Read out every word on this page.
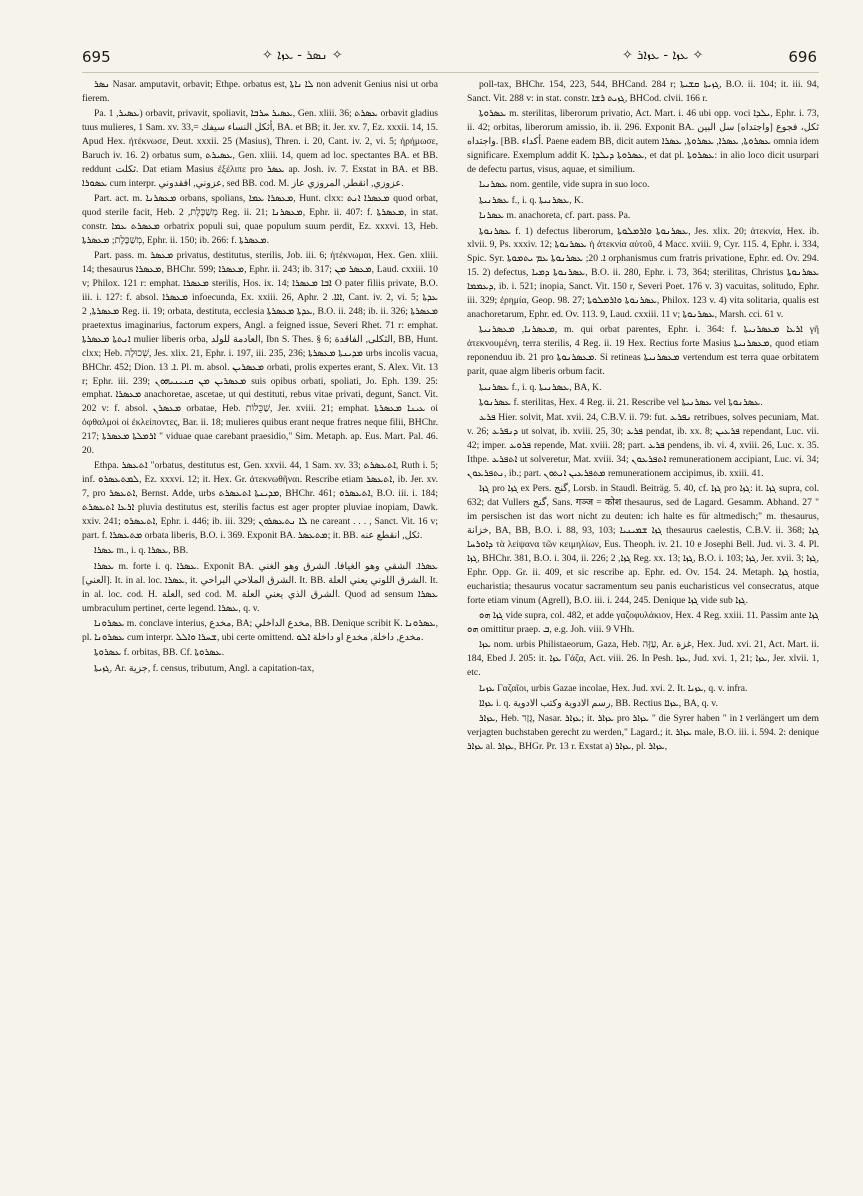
695	✧ ܢܣܪ - ܥܙܐ ✧	✧ ܥܙܐ - ܥܙܐܪ ✧	696

ܢܣܪ Nasar. amputavit, orbavit; Ethpe. orbatus est, ܠܐ ܢܐܬܐ non advenit Genius nisi ut orba fierem.

Pa. ܥܣܝܪ, 1) orbavit, privavit, spoliavit, ܥܣܝܪ ܚܪܒܐ, Gen. xliii. 36; ܥܣܪܬ orbavit gladius tuus mulieres, 1 Sam. xv. 33,= أثكل النساء سيفك, BA. et BB; it. Jer. xv. 7, Ez. xxxii. 14, 15. Apud Hex. ἠτέκνωσε, Deut. xxxii. 25 (Masius), Thren. i. 20, Cant. iv. 2, vi. 5; ἠρήμωσε, Baruch iv. 16. 2) orbatus sum, ܥܣܝܪܬ, Gen. xliii. 14, quem ad loc. spectantes BA. et BB. reddunt ثكلت. Dat etiam Masius ἐξέλιπε pro ܥܣܪ ap. Josh. iv. 7. Exstat in BA. et BB. ܥܣܘܪܐ cum interpr. عزوني, افقدوني, sed BB. cod. M. عزوزي, انقطر, المروزي عاز.

Part. act. m. ܡܥܣܪܢܐ orbans, spolians, ܡܥܣܪܐ ܥܡܐ, Hunt. clxx: ܡܥܣܪܐ ܐܢܬ quod orbat, quod sterile facit, Heb. מְשַׁכֶּלֶת, 2 Reg. ii. 21; ܡܥܣܪܢܐ, Ephr. ii. 407: f. ܡܥܣܪܬܐ, in stat. constr. ܡܥܣܪܬ ܥܡܐ orbatrix populi sui, quae populum suum perdit, Ez. xxxvi. 13, Heb. מְשַׁכֶּלֶת; ܡܥܣܪܬܐ, Ephr. ii. 150; ib. 266: f. ܡܥܣܪܬܐ.

Part. pass. m. ܡܥܣܪ privatus, destitutus, sterilis, Job. iii. 6; ἠτέκνωμαι, Hex. Gen. xliii. 14; thesaurus ܡܥܣܪܐ, BHChr. 599; ܡܥܣܪܐ, Ephr. ii. 243; ib. 317; ܡܥܣܪ ܡܢ, Laud. cxxiii. 10 v; Philox. 121 r: emphat. ܡܥܣܪܐ sterilis, Hos. ix. 14; ܐܒܐ ܡܥܣܪܐ O pater filiis private, B.O. iii. i. 127: f. absol. ܡܥܣܪܐ infoecunda, Ex. xxiii. 26, Aphr. ܐܐܐ. 2, Cant. iv. 2, vi. 5; ܥܕܬܐ ܡܥܣܪܬܐ, 2 Reg. ii. 19; orbata, destituta, ecclesia ܥܕܬܐ ܡܥܣܪܬܐ, B.O. ii. 248; ib. ii. 326; ܡܥܣܪܬܐ praetextus imaginarius, factorum expers, Angl. a feigned issue, Severi Rhet. 71 r: emphat. ܐܢܬܬܐ ܡܥܣܪܬܐ mulier liberis orba, العادمة للولد, Ibn S. Thes. § 6; الثكلى, الفاقدة, BB, Hunt. clxx; Heb. שְׁכוּלָה, Jes. xlix. 21, Ephr. i. 197, iii. 235, 236; ܡܕܝܢܬܐ ܡܥܣܪܬܐ urbs incolis vacua, BHChr. 452; Dion. ܐ. 13. Pl. m. absol. ܡܥܣܪܝܢ orbati, prolis expertes erant, S. Alex. Vit. 13 r; Ephr. iii. 239; ܡܥܣܪܝܢ ܡܢ ܩܢܝܢܝܗܘܢ suis opibus orbati, spoliati, Jo. Eph. 139. 25: emphat. ܡܥܣܪܐ anachoretae, ascetae, ut qui destituti, rebus vitae privati, degunt, Sanct. Vit. 202 v: f. absol. ܡܥܣܪܢ orbatae, Heb. שַׁכֻּלוֹת, Jer. xviii. 21; emphat. ܥܝܢܐ ܡܥܣܪܬܐ οἱ ὀφθαλμοὶ οἱ ἐκλείποντες, Bar. ii. 18; mulieres quibus erant neque fratres neque filii, BHChr. 217; ܐܪܡܠܬܐ ܡܥܣܪܬܐ " viduae quae carebant praesidio," Sim. Metaph. ap. Eus. Mart. Pal. 46. 20.

Ethpa. ܐܬܥܣܪ "orbatus, destitutus est, Gen. xxvii. 44, 1 Sam. xv. 33; ܐܬܥܣܪܬ, Ruth i. 5; inf. ܠܡܬܥܣܪܘ, Ez. xxxvi. 12; it. Hex. Gr. ἀτεκνωθῆναι. Rescribe etiam ܐܬܥܣܪ, ib. Jer. xv. 7, pro ܐܬܥܣܪ, Bernst. Adde, urbs ܡܕܝܢܬܐ ܐܬܥܣܪܬ, BHChr. 461; ܐܬܥܣܪܘ, B.O. iii. i. 184; ܐܪܥܐ ܐܬܥܣܪܬ pluvia destitutus est, sterilis factus est ager propter pluviae inopiam, Dawk. xxiv. 241; ܐܬܥܣܪܘ, Ephr. i. 446; ib. iii. 329; ܠܐ ܢܬܥܣܪܘܢ ne careant . . . , Sanct. Vit. 16 v; part. f. ܡܬܥܣܪܐ orbata liberis, B.O. i. 369. Exponit BA. ܡܬܥܣܪ; it. BB. ثكل, انقطع عنه.

ܥܣܪܐ m., i. q. ܥܣܪܐ, BB.

ܥܣܪܐ m. forte i. q. ܥܣܪܐ. Exponit BA. ܥܣܪܐ. الشقي وهو الغيافا. الشرق وهو الغني [العني]. It. in al. loc. ܥܣܪܐ, it. الشرق الملاحي البراحي. It. BB. الشرق اللوني يعني العلة. It. in al. loc. cod. H. العلة, sed cod. M. الشرق الذي يعني العلة. Quod ad sensum ܥܣܪܐ umbraculum pertinet, certe legend. ܥܣܪܐ, q. v.

ܥܣܪܘܢܐ m. conclave interius, مخدع, BA; مخدع الداخلي, BB. Denique scribit K. ܥܣܪܘܢܐ, pl. ܥܣܪܘܢܐ cum interpr. ܫܚܪܐ ܘܐܠܠ, ubi certe omittend. مخدع, داخلة, مخدع او داخلة ܐܠܘ.

ܥܣܪܘܬܐ f. orbitas, BB. Cf. ܥܣܪܘܬܐ.

ܓܙܝܬܐ, Ar. جزية, f. census, tributum, Angl. a capitation-tax,

poll-tax, BHChr. 154, 223, 544, BHCand. 284 r; ܓܙܝܬܐ ܩܫܝܬܐ, B.O. ii. 104; it. iii. 94, Sanct. Vit. 288 v: in stat. constr. ܓܙܝܬ ܪܫܐ, BHCod. clvii. 166 r.

ܥܣܪܘܬܐ m. sterilitas, liberorum privatio, Act. Mart. i. 46 ubi opp. voci ܝܠܕܐ, Ephr. i. 73, ii. 42; orbitas, liberorum amissio, ib. ii. 296. Exponit BA. ثكل، فجوع [واجتداه] سل البين واجتداه. [BB. أكداء. Paene eadem BB, dicit autem ܥܣܪܘܬܐ, ܥܣܪܐ, ܥܣܪܘܬܐ, ܥܣܪܐ omnia idem significare. Exemplum addit K. ܥܣܪܘܬܐ ܕܝܠܕܐ, et dat pl. ܥܣܪܘܬܐ: in alio loco dicit usurpari de defectu partus, visus, aquae, et similium.

ܥܣܪܢܝܐ nom. gentile, vide supra in suo loco.

ܥܣܪܢܝܬܐ f., i. q. ܥܣܪܢܝܬܐ, K.

ܥܣܪܢܐ m. anachoreta, cf. part. pass. Pa.

ܥܣܪܢܘܬܐ f. 1) defectus liberorum, ܥܣܪܢܘܬܐ ܘܐܪܡܠܘܬܐ, Jes. xlix. 20; ἀτεκνία, Hex. ib. xlvii. 9, Ps. xxxiv. 12; ܥܣܪܢܘܬܐ ἡ ἀτεκνία αὐτοῦ, 4 Macc. xviii. 9, Cyr. 115. 4, Ephr. i. 334, Spic. Syr. ܐ. 20; ܥܣܪܢܘܬܐ ܥܡ ܝܬܡܘܬܐ orphanismus cum fratris privatione, Ephr. ed. Ov. 294. 15. 2) defectus, ܥܣܪܢܘܬܐ ܕܡܝܐ, B.O. ii. 280, Ephr. i. 73, 364; sterilitas, Christus ܥܣܪܢܘܬܐ ܕܥܡܡܐ, ib. i. 521; inopia, Sanct. Vit. 150 r, Severi Poet. 176 v. 3) vacuitas, solitudo, Ephr. iii. 329; ἐρημία, Geop. 98. 27; ܥܣܪܢܘܬܐ ܘܐܪܡܠܘܬܐ, Philox. 123 v. 4) vita solitaria, qualis est anachoretarum, Ephr. ed. Ov. 113. 9, Laud. cxxiii. 11 v; ܥܣܪܢܘܬܐ, Marsh. cci. 61 v.

ܡܥܣܪܢܐ, ܡܥܣܪܢܝܬܐ, m. qui orbat parentes, Ephr. i. 364: f. ܐܪܥܐ ܡܥܣܪܢܝܬܐ γῆ ἀτεκνουμένη, terra sterilis, 4 Reg. ii. 19 Hex. Rectius forte Masius ܡܥܣܪܢܝܬܐ, quod etiam reponenduu ib. 21 pro ܡܥܣܪܢܘܬܐ. Si retineas ܡܥܣܪܢܝܬܐ vertendum est terra quae orbitatem parit, quae algm liberis orbum facit.

ܥܣܪܢܝܬܐ f., i. q. ܥܣܪܢܝܬܐ, BA, K.

ܥܣܪܢܘܬܐ f. sterilitas, Hex. 4 Reg. ii. 21. Rescribe vel ܥܣܪܢܝܬܐ vel ܥܣܪܢܘܬܐ.

ܦܪܥ Hier. solvit, Mat. xvii. 24, C.B.V. ii. 79: fut. ܢܦܪܥ retribues, solves pecuniam, Mat. v. 26; ܕܢܦܪܥ ut solvat, ib. xviii. 25, 30; ܦܪܥ pendat, ib. xx. 8; ܦܪܥܝܢ rependant, Luc. vii. 42; imper. ܦܪܘܥ repende, Mat. xviii. 28; part. ܦܪܥ pendens, ib. vi. 4, xviii. 26, Luc. x. 35. Ithpe. ܐܬܦܪܥ ut solveretur, Mat. xviii. 34; ܐܬܦܪܥܘܢ remunerationem accipiant, Luc. vi. 34; ܢܬܦܪܥܘܢ, ib.; part. ܡܬܦܪܥܝܢ ܐܢܬܘܢ remunerationem accipimus, ib. xxiii. 41.

ܓܙܐ pro ܓܙܐ ex Pers. گنج, Lorsb. in Staudl. Beiträg. 5. 40, cf. ܓܙܐ pro ܓܙܐ: it. ܓܙܐ supra, col. 632; dat Vullers گنج, Sans. गञ्ज = कोश thesaurus, sed de Lagard. Gesamm. Abhand. 27 " im persischen ist das wort nicht zu deuten: ich halte es für altmedisch;" m. thesaurus, خزانة, BA, BB, B.O. i. 88, 93, 103; ܓܙܐ ܫܡܝܢܝܐ thesaurus caelestis, C.B.V. ii. 368; ܓܙܐ ܕܐܘܪܚܐ τὰ λείψανα τῶν κειμηλίων, Eus. Theoph. iv. 21. 10 e Josephi Bell. Jud. vi. 3. 4. Pl. ܓܙܐ, BHChr. 381, B.O. i. 304, ii. 226; ܓܙܐ, 2 Reg. xx. 13; ܓܙܐ, B.O. i. 103; ܓܙܐ, Jer. xvii. 3; ܓܙܐ, Ephr. Opp. Gr. ii. 409, et sic rescribe ap. Ephr. ed. Ov. 154. 24. Metaph. ܓܙܐ hostia, eucharistia; thesaurus vocatur sacramentum seu panis eucharisticus vel consecratus, atque forte etiam vinum (Agrell), B.O. iii. i. 244, 245. Denique ܓܙܐ vide sub ܓܙܐ.

ܓܙܐ ܗܘ vide supra, col. 482, et adde γαζοφυλάκιον, Hex. 4 Reg. xxiii. 11. Passim ante ܓܙܐ ܗܘ omittitur praep. ܒ, e.g. Joh. viii. 9 VHh.

ܥܙܐ nom. urbis Philistaeorum, Gaza, Heb. עַזָּה, Ar. غزة, Hex. Jud. xvi. 21, Act. Mart. ii. 184, Ebed J. 205: it. ܥܙܐ Γάζα, Act. viii. 26. In Pesh. ܥܙܐ, Jud. xvi. 1, 21; ܥܙܐ, Jer. xlvii. 1, etc.

ܥܙܝܐ Γαζαῖοι, urbis Gazae incolae, Hex. Jud. xvi. 2. It. ܥܙܝܐ, q. v. infra.

ܥܙܐܐ i. q. رسم الادوية وكتب الادوية, BB. Rectius ܥܙܐܐ, BA, q. v.

ܥܙܐܪ, Heb. גָּזָר, Nasar. ܥܙܐܪ; it. ܥܙܐܪ pro ܥܙܐܪ " die Syrer haben " in ܐ verlängert um dem verjagten buchstaben gerecht zu werden," Lagard.; it. ܥܙܐܪ male, B.O. iii. i. 594. 2: denique ܥܙܐܪ al. ܥܙܐܪ, BHGr. Pr. 13 r. Exstat a) ܥܙܐܪ, pl. ܥܙܐܪ,
